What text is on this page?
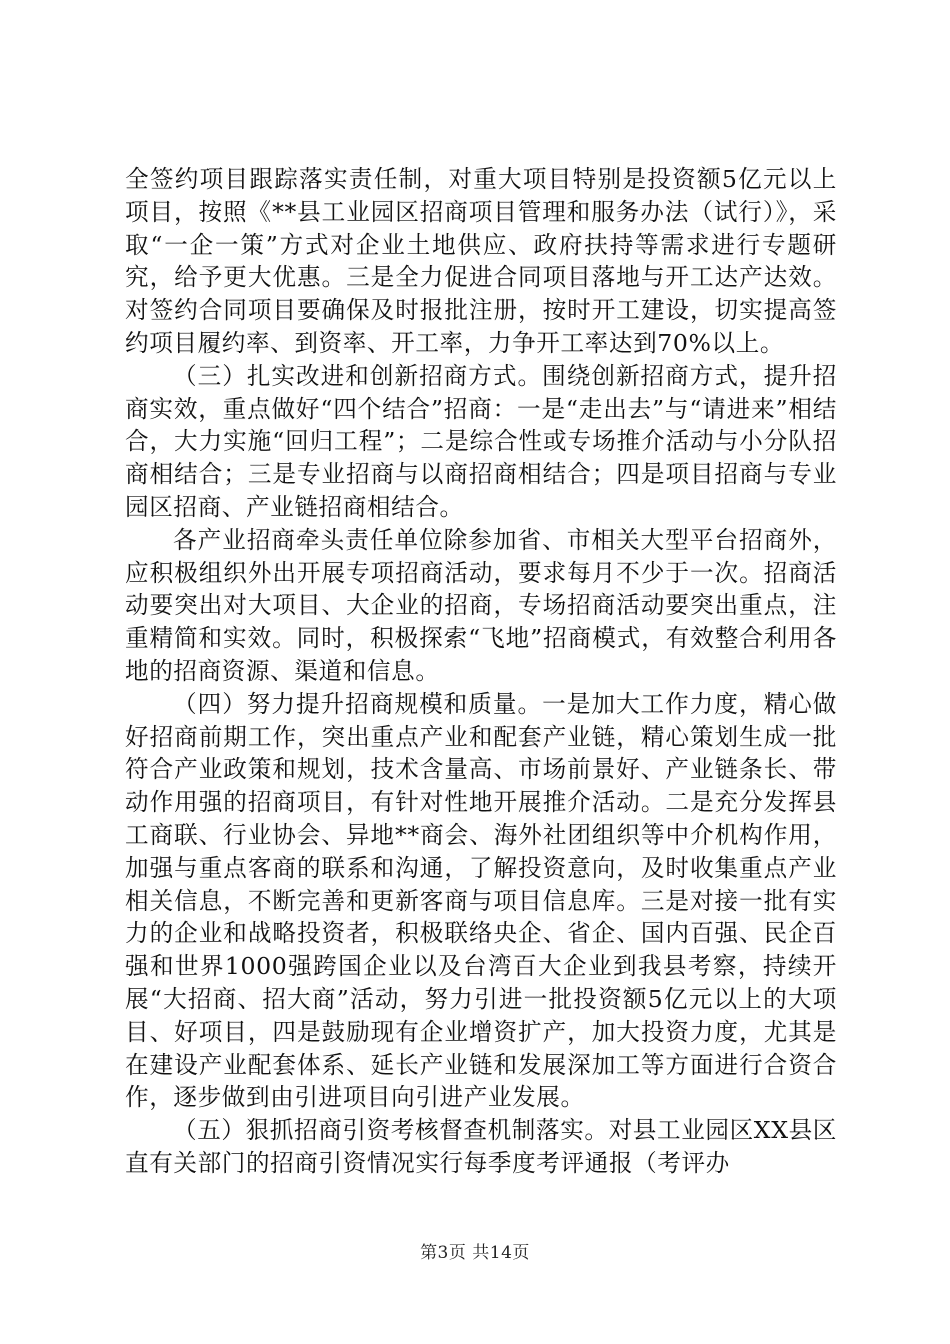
全签约项目跟踪落实责任制，对重大项目特别是投资额5亿元以上项目，按照《**县工业园区招商项目管理和服务办法（试行）》，采取“一企一策”方式对企业土地供应、政府扶持等需求进行专题研究，给予更大优惠。三是全力促进合同项目落地与开工达产达效。对签约合同项目要确保及时报批注册，按时开工建设，切实提高签约项目履约率、到资率、开工率，力争开工率达到70%以上。

（三）扎实改进和创新招商方式。围绕创新招商方式，提升招商实效，重点做好“四个结合”招商：一是“走出去”与“请进来”相结合，大力实施“回归工程”；二是综合性或专场推介活动与小分队招商相结合；三是专业招商与以商招商相结合；四是项目招商与专业园区招商、产业链招商相结合。

各产业招商牵头责任单位除参加省、市相关大型平台招商外，应积极组织外出开展专项招商活动，要求每月不少于一次。招商活动要突出对大项目、大企业的招商，专场招商活动要突出重点，注重精简和实效。同时，积极探索“飞地”招商模式，有效整合利用各地的招商资源、渠道和信息。

（四）努力提升招商规模和质量。一是加大工作力度，精心做好招商前期工作，突出重点产业和配套产业链，精心策划生成一批符合产业政策和规划，技术含量高、市场前景好、产业链条长、带动作用强的招商项目，有针对性地开展推介活动。二是充分发挥县工商联、行业协会、异地**商会、海外社团组织等中介机构作用，加强与重点客商的联系和沟通，了解投资意向，及时收集重点产业相关信息，不断完善和更新客商与项目信息库。三是对接一批有实力的企业和战略投资者，积极联络央企、省企、国内百强、民企百强和世界1000强跨国企业以及台湾百大企业到我县考察，持续开展“大招商、招大商”活动，努力引进一批投资额5亿元以上的大项目、好项目，四是鼓励现有企业增资扩产，加大投资力度，尤其是在建设产业配套体系、延长产业链和发展深加工等方面进行合资合作，逐步做到由引进项目向引进产业发展。

（五）狠抓招商引资考核督查机制落实。对县工业园区XX县区直有关部门的招商引资情况实行每季度考评通报（考评办

第3页 共14页
